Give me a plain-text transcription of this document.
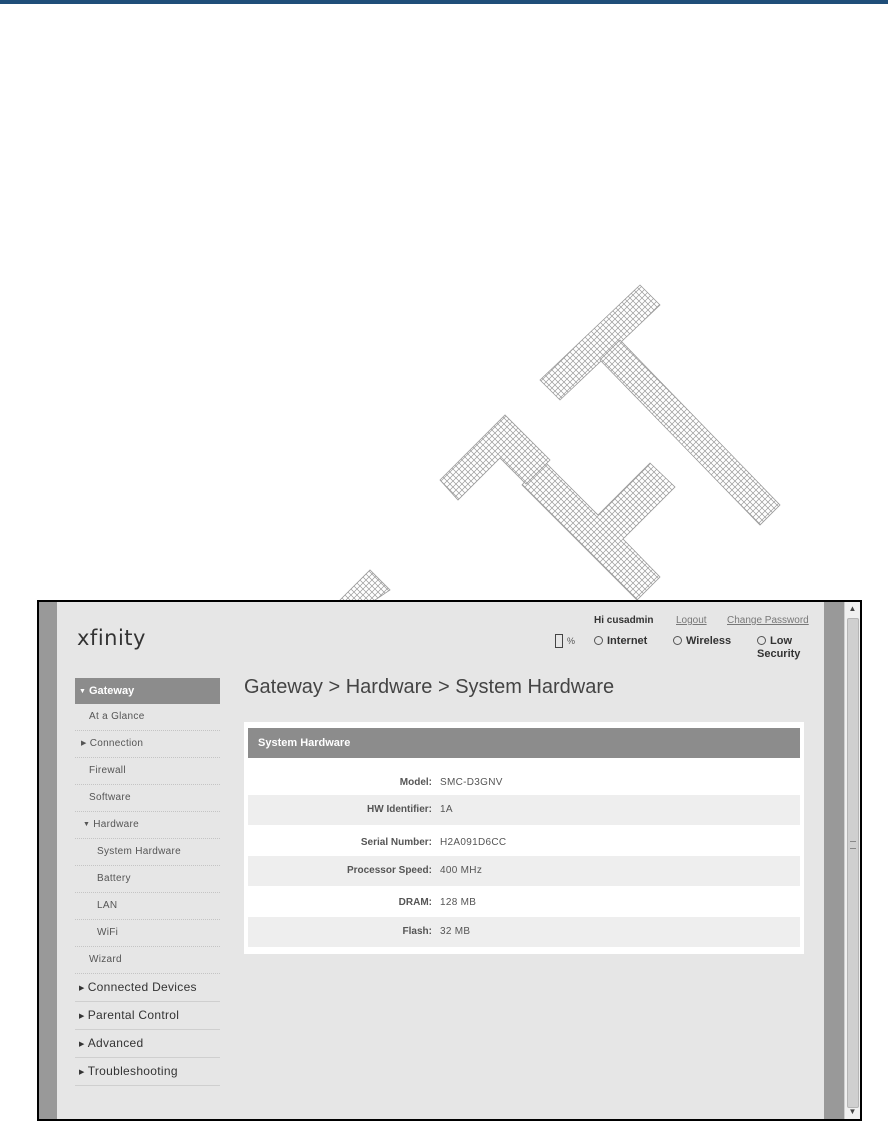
▲
▼
xfinity
Hi cusadmin Logout Change Password
%	Internet	Wireless	Low Security
▼ Gateway
At a Glance
▶ Connection
Firewall
Software
▼ Hardware
System Hardware
Battery
LAN
WiFi
Wizard
▶ Connected Devices
▶ Parental Control
▶ Advanced
▶ Troubleshooting
Gateway > Hardware > System Hardware
System Hardware
Model: SMC-D3GNV
HW Identifier: 1A
Serial Number: H2A091D6CC
Processor Speed: 400 MHz
DRAM: 128 MB
Flash: 32 MB
